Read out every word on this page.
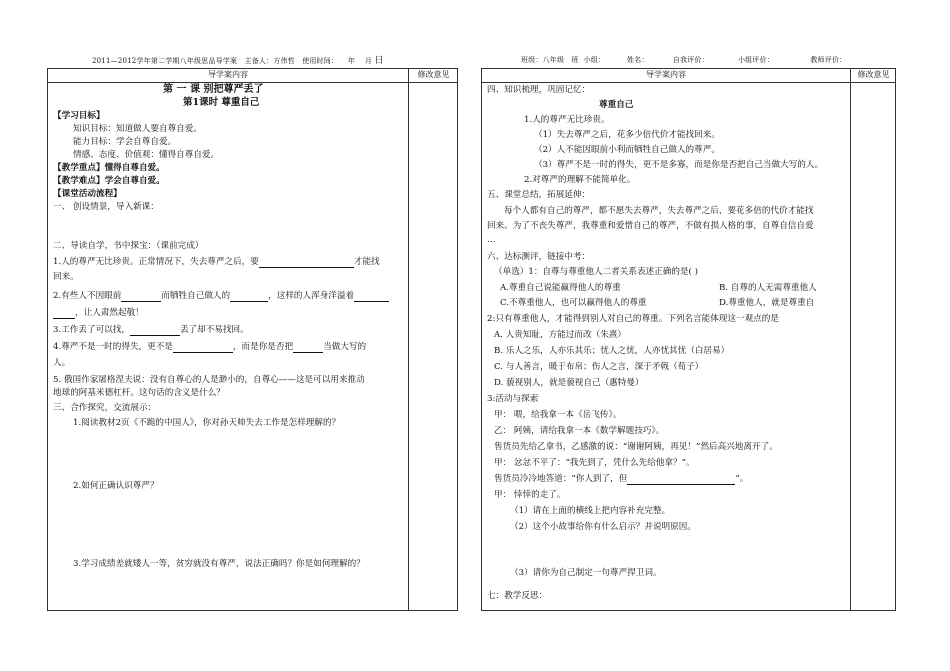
2011—2012学年第二学期八年级思品导学案 主备人：方伟哲 使用时间： 年 月 日	班级：八年级 班 小组：	姓名：	自我评价：	小组评价：	教师评价：
导学案内容	修改意见
第 一 课 别把尊严丢了
第1课时 尊重自己
【学习目标】
知识目标：知道做人要自尊自爱。
能力目标：学会自尊自爱。
情感、态度、价值观：懂得自尊自爱。
【教学重点】懂得自尊自爱。
【教学难点】学会自尊自爱。
【课堂活动流程】
一、 创设情景，导入新课：
二、导读自学，书中探宝：（课前完成）
1.人的尊严无比珍贵。正常情况下，失去尊严之后，要	才能找
回来。
2.有些人不因眼前	而牺牲自己做人的	，这样的人浑身洋溢着
，让人肃然起敬！
3.工作丢了可以找，	丢了却不易找回。
4.尊严不是一时的得失，更不是	，而是你是否把	当做大写的
人。
5. 俄国作家屠格涅夫说：没有自尊心的人是渺小的，自尊心——这是可以用来推动
地球的阿基米德杠杆。这句话的含义是什么？
三、合作探究，交流展示：
1.阅读教材2页《不跪的中国人》，你对孙天帅失去工作是怎样理解的？
2.如何正确认识尊严？
3.学习成绩差就矮人一等，贫穷就没有尊严，说法正确吗？你是如何理解的？
导学案内容	修改意见
四、知识梳理，巩固记忆：
尊重自己
1.人的尊严无比珍贵。
（1）失去尊严之后，花多少倍代价才能找回来。
（2）人不能因眼前小利而牺牲自己做人的尊严。
（3）尊严不是一时的得失，更不是多寡，而是你是否把自己当做大写的人。
2.对尊严的理解不能简单化。
五、课堂总结，拓展延伸：
每个人都有自己的尊严，都不愿失去尊严，失去尊严之后，要花多倍的代价才能找
回来。为了不丧失尊严，我尊重和爱惜自己的尊严，不做有损人格的事，自尊自信自爱
…
六、达标测评，链接中考：
（单选）1：自尊与尊重他人二者关系表述正确的是( )
A.尊重自己说能赢得他人的尊重	B. 自尊的人无需尊重他人
C.不尊重他人，也可以赢得他人的尊重	D.尊重他人，就是尊重自
2:只有尊重他人，才能得到别人对自己的尊重。下列名言能体现这一观点的是
A. 人贵知耻，方能过而改（朱熹）
B. 乐人之乐，人亦乐其乐；忧人之忧，人亦忧其忧（白居易）
C. 与人善言，暖于布帛；伤人之言，深于矛戟（荀子）
D. 藐视别人，就是藐视自己（惠特曼）
3:活动与探索
甲： 喂，给我拿一本《岳飞传》。
乙： 阿姨，请给我拿一本《数学解题技巧》。
售货员先给乙拿书，乙感激的说：“谢谢阿姨，再见！”然后高兴地离开了。
甲： 忿忿不平了：“我先到了，凭什么先给他拿？”。
售货员冷冷地答道：“你人到了，但	”。
甲： 悻悻的走了。
（1）请在上面的横线上把内容补充完整。
（2）这个小故事给你有什么启示？并说明原因。
（3）请你为自己制定一句尊严捍卫词。
七：教学反思：
